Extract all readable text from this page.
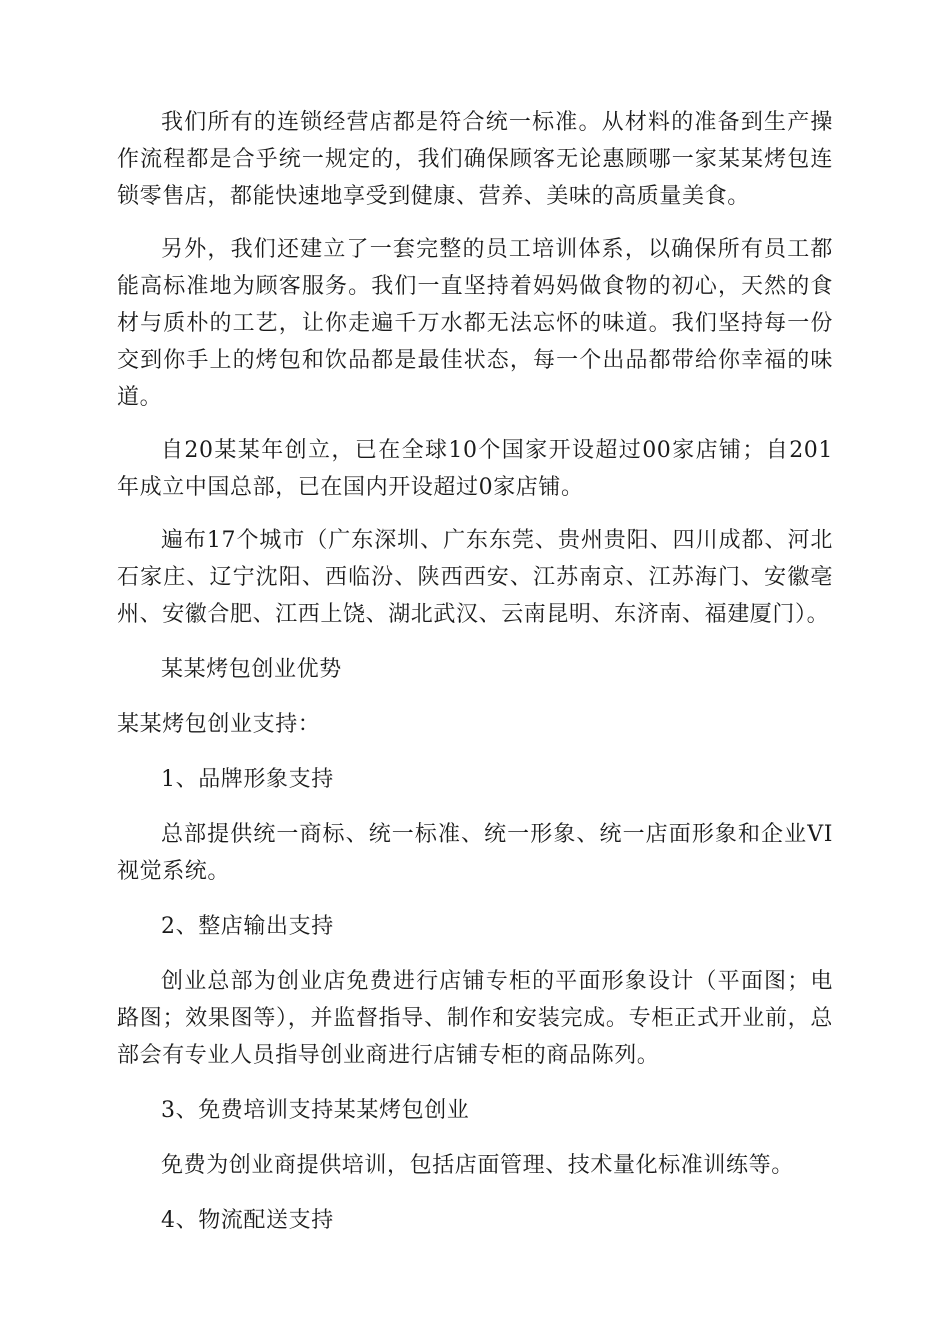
我们所有的连锁经营店都是符合统一标准。从材料的准备到生产操作流程都是合乎统一规定的，我们确保顾客无论惠顾哪一家某某烤包连锁零售店，都能快速地享受到健康、营养、美味的高质量美食。

另外，我们还建立了一套完整的员工培训体系，以确保所有员工都能高标准地为顾客服务。我们一直坚持着妈妈做食物的初心，天然的食材与质朴的工艺，让你走遍千万水都无法忘怀的味道。我们坚持每一份交到你手上的烤包和饮品都是最佳状态，每一个出品都带给你幸福的味道。

自20某某年创立，已在全球10个国家开设超过00家店铺；自201年成立中国总部，已在国内开设超过0家店铺。

遍布17个城市（广东深圳、广东东莞、贵州贵阳、四川成都、河北石家庄、辽宁沈阳、西临汾、陕西西安、江苏南京、江苏海门、安徽亳州、安徽合肥、江西上饶、湖北武汉、云南昆明、东济南、福建厦门）。

某某烤包创业优势

某某烤包创业支持：

1、品牌形象支持

总部提供统一商标、统一标准、统一形象、统一店面形象和企业VI视觉系统。

2、整店输出支持

创业总部为创业店免费进行店铺专柜的平面形象设计（平面图；电路图；效果图等），并监督指导、制作和安装完成。专柜正式开业前，总部会有专业人员指导创业商进行店铺专柜的商品陈列。

3、免费培训支持某某烤包创业

免费为创业商提供培训，包括店面管理、技术量化标准训练等。

4、物流配送支持
